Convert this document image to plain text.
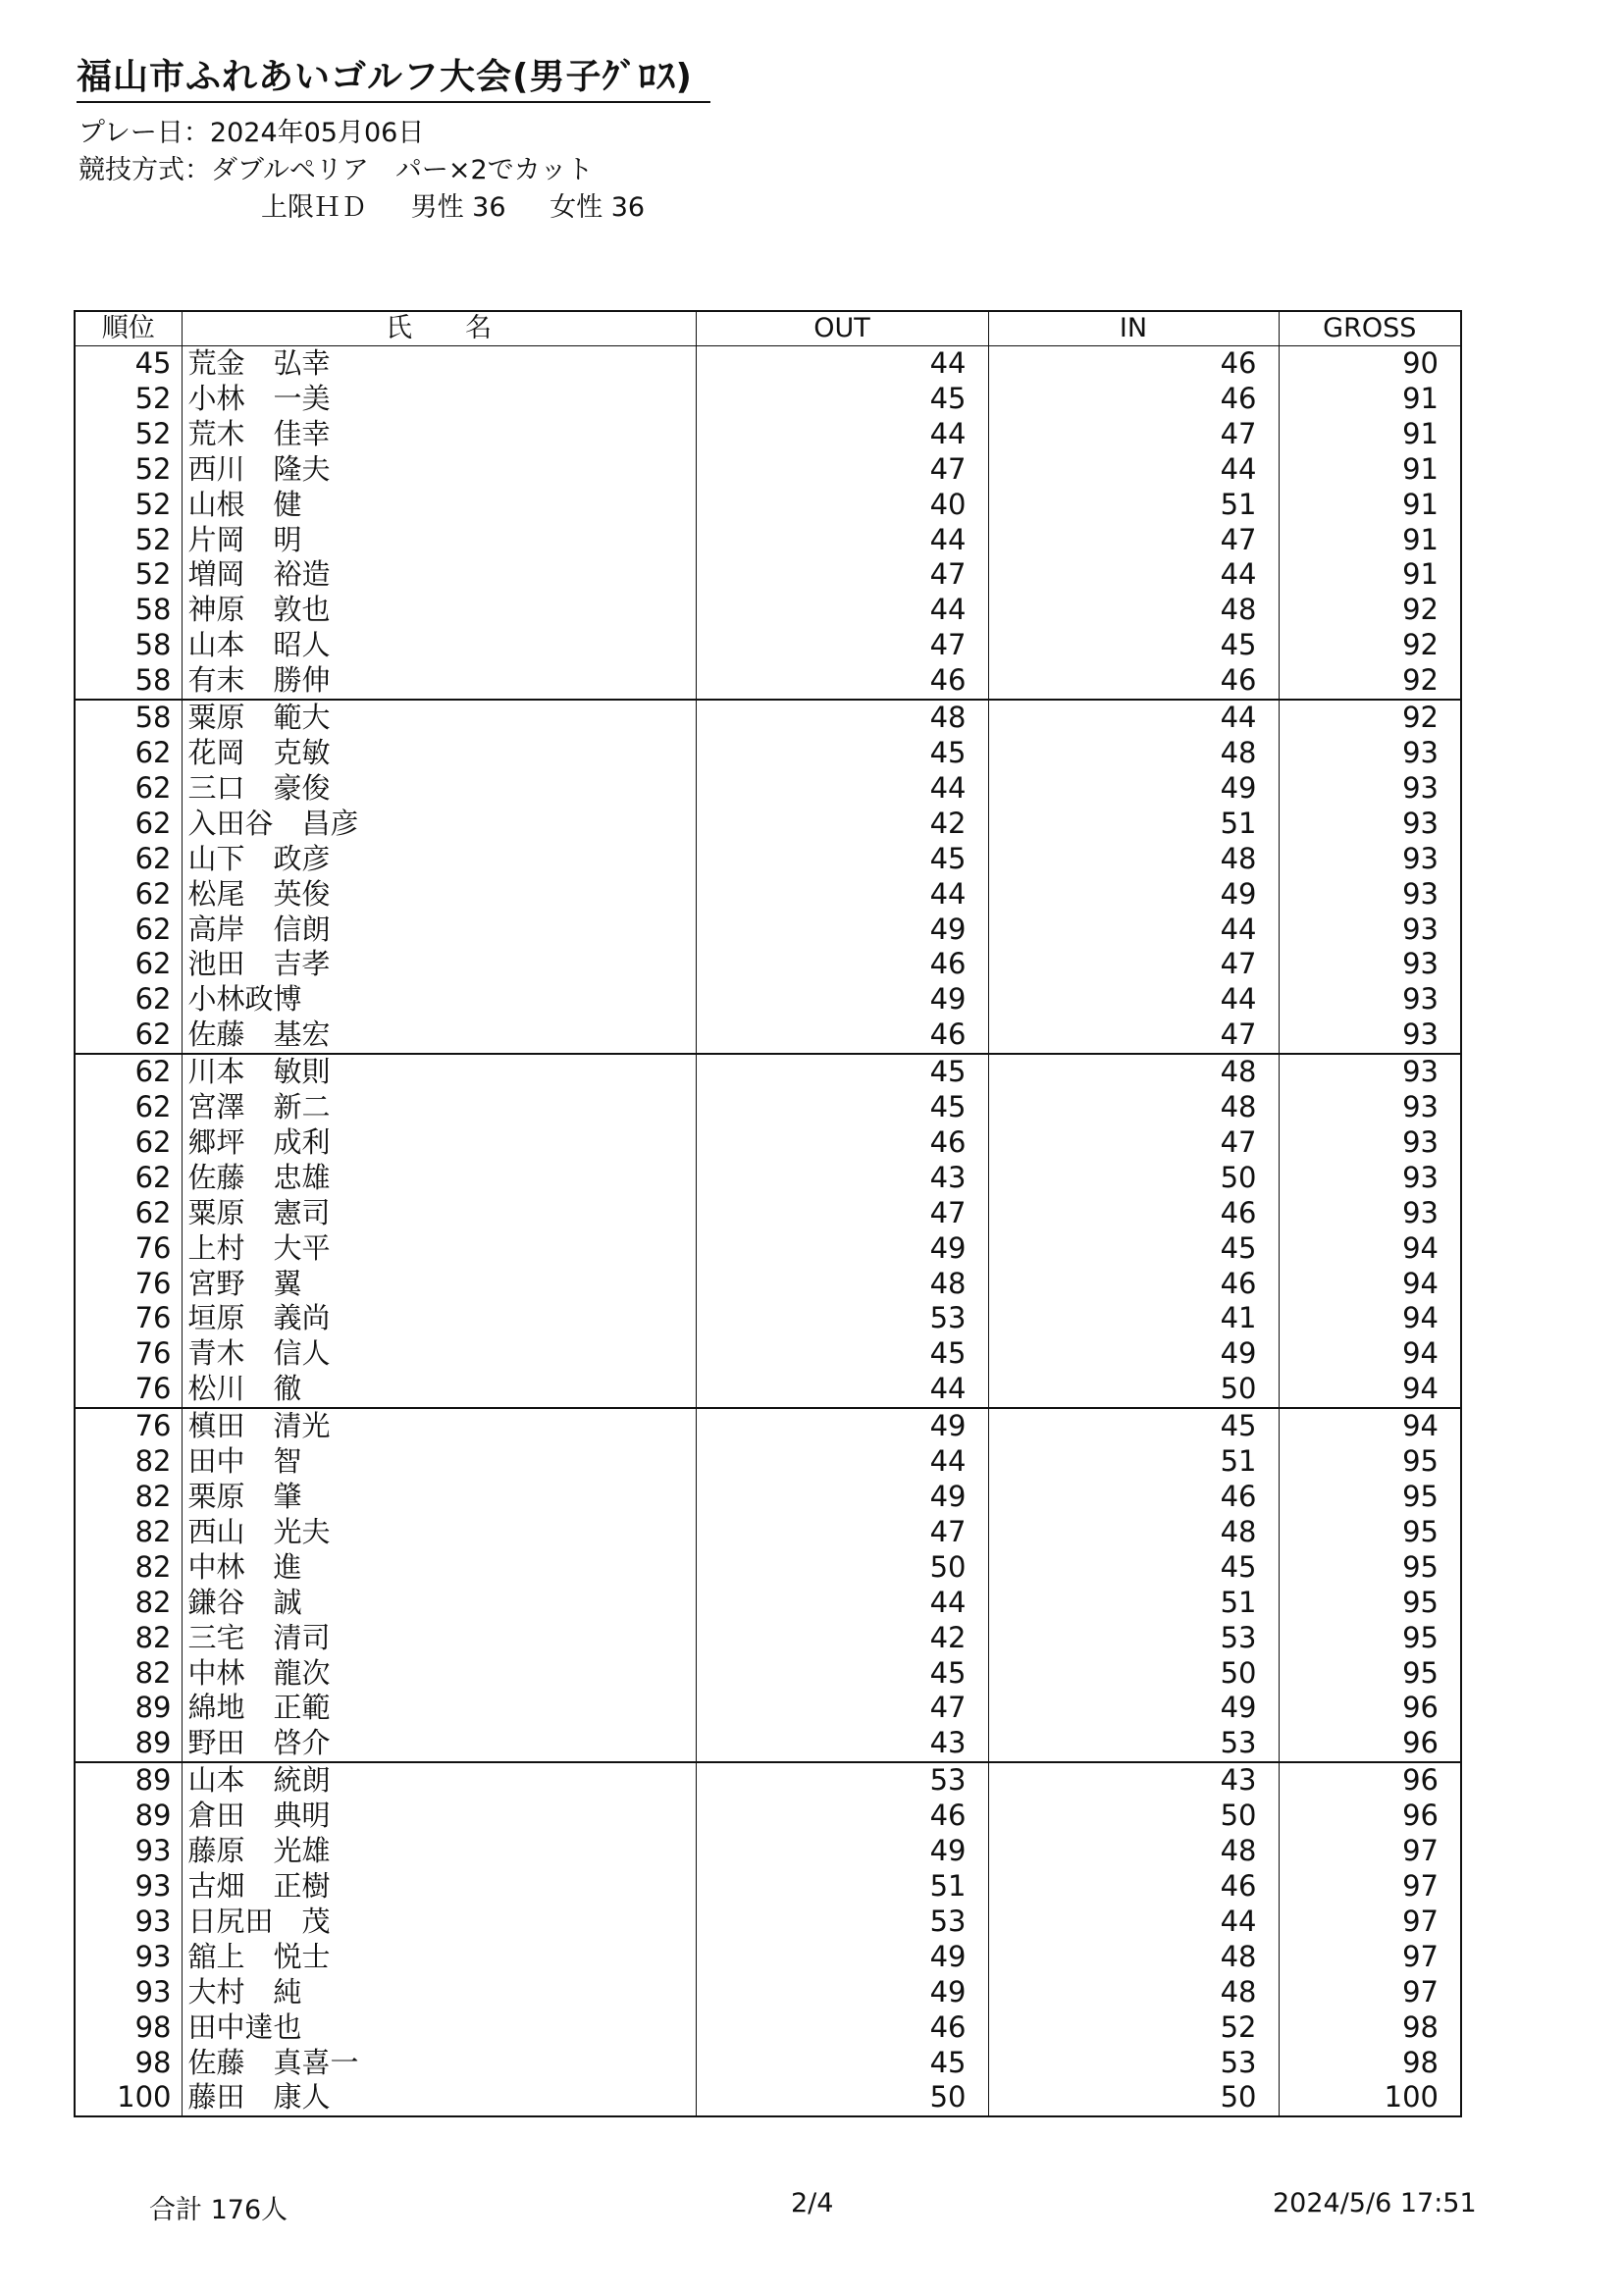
福山市ふれあいゴルフ大会(男子ｸﾞﾛｽ)
プレー日：2024年05月06日
競技方式：ダブルペリア　パー×2でカット
上限ＨＤ 男性 36 女性 36
順位	氏　　名	OUT	IN	GROSS
45	荒金　弘幸	44	46	90
52	小林　一美	45	46	91
52	荒木　佳幸	44	47	91
52	西川　隆夫	47	44	91
52	山根　健	40	51	91
52	片岡　明	44	47	91
52	増岡　裕造	47	44	91
58	神原　敦也	44	48	92
58	山本　昭人	47	45	92
58	有末　勝伸	46	46	92
58	粟原　範大	48	44	92
62	花岡　克敏	45	48	93
62	三口　豪俊	44	49	93
62	入田谷　昌彦	42	51	93
62	山下　政彦	45	48	93
62	松尾　英俊	44	49	93
62	高岸　信朗	49	44	93
62	池田　吉孝	46	47	93
62	小林政博	49	44	93
62	佐藤　基宏	46	47	93
62	川本　敏則	45	48	93
62	宮澤　新二	45	48	93
62	郷坪　成利	46	47	93
62	佐藤　忠雄	43	50	93
62	粟原　憲司	47	46	93
76	上村　大平	49	45	94
76	宮野　翼	48	46	94
76	垣原　義尚	53	41	94
76	青木　信人	45	49	94
76	松川　徹	44	50	94
76	槙田　清光	49	45	94
82	田中　智	44	51	95
82	栗原　肇	49	46	95
82	西山　光夫	47	48	95
82	中林　進	50	45	95
82	鎌谷　誠	44	51	95
82	三宅　清司	42	53	95
82	中林　龍次	45	50	95
89	綿地　正範	47	49	96
89	野田　啓介	43	53	96
89	山本　統朗	53	43	96
89	倉田　典明	46	50	96
93	藤原　光雄	49	48	97
93	古畑　正樹	51	46	97
93	日尻田　茂	53	44	97
93	舘上　悦士	49	48	97
93	大村　純	49	48	97
98	田中達也	46	52	98
98	佐藤　真喜一	45	53	98
100	藤田　康人	50	50	100
合計 176人	2/4	2024/5/6 17:51
